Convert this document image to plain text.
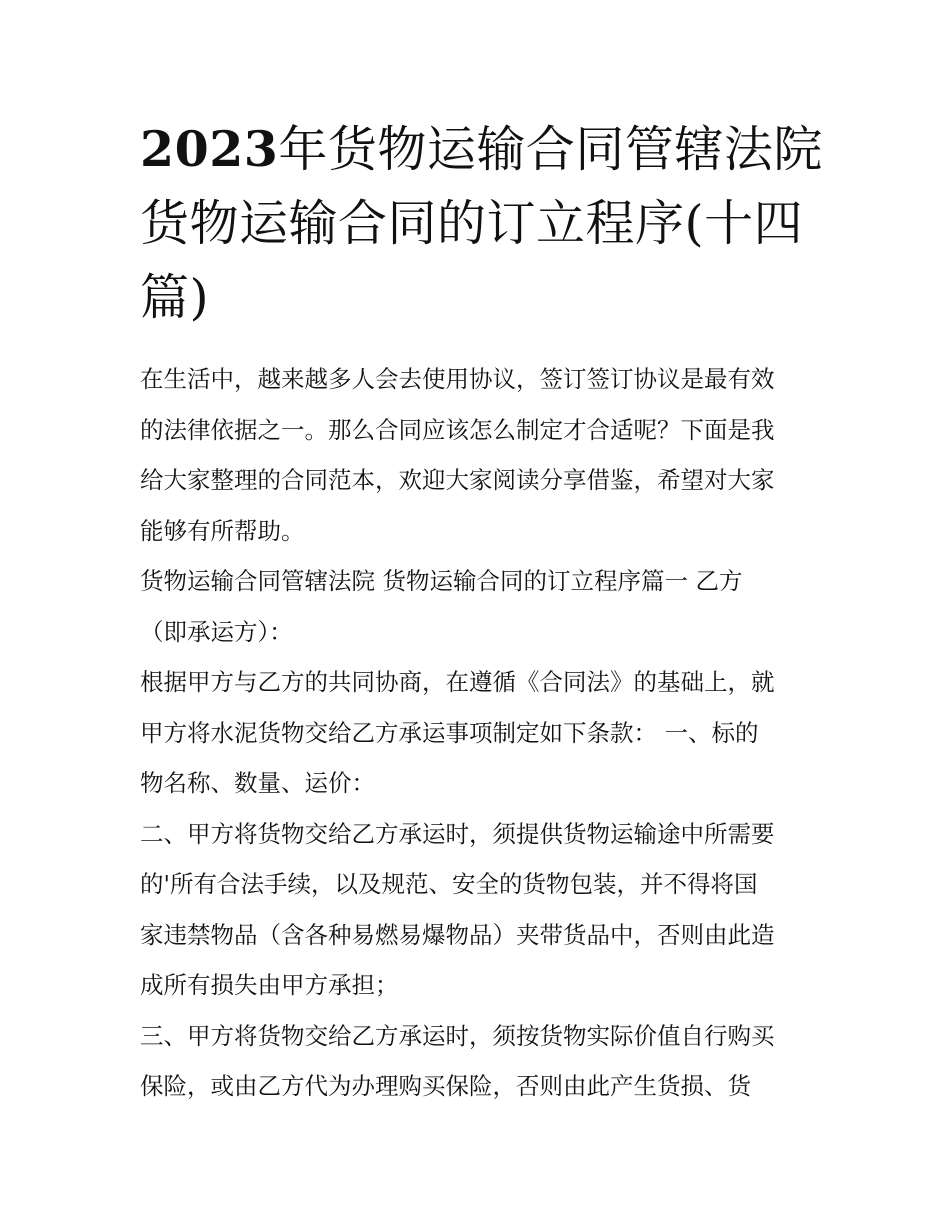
2023年货物运输合同管辖法院
货物运输合同的订立程序(十四
篇)
在生活中，越来越多人会去使用协议，签订签订协议是最有效
的法律依据之一。那么合同应该怎么制定才合适呢？下面是我
给大家整理的合同范本，欢迎大家阅读分享借鉴，希望对大家
能够有所帮助。
货物运输合同管辖法院 货物运输合同的订立程序篇一 乙方
（即承运方）：
根据甲方与乙方的共同协商，在遵循《合同法》的基础上，就
甲方将水泥货物交给乙方承运事项制定如下条款： 一、标的
物名称、数量、运价：
二、甲方将货物交给乙方承运时，须提供货物运输途中所需要
的'所有合法手续，以及规范、安全的货物包装，并不得将国
家违禁物品（含各种易燃易爆物品）夹带货品中，否则由此造
成所有损失由甲方承担；
三、甲方将货物交给乙方承运时，须按货物实际价值自行购买
保险，或由乙方代为办理购买保险，否则由此产生货损、货
